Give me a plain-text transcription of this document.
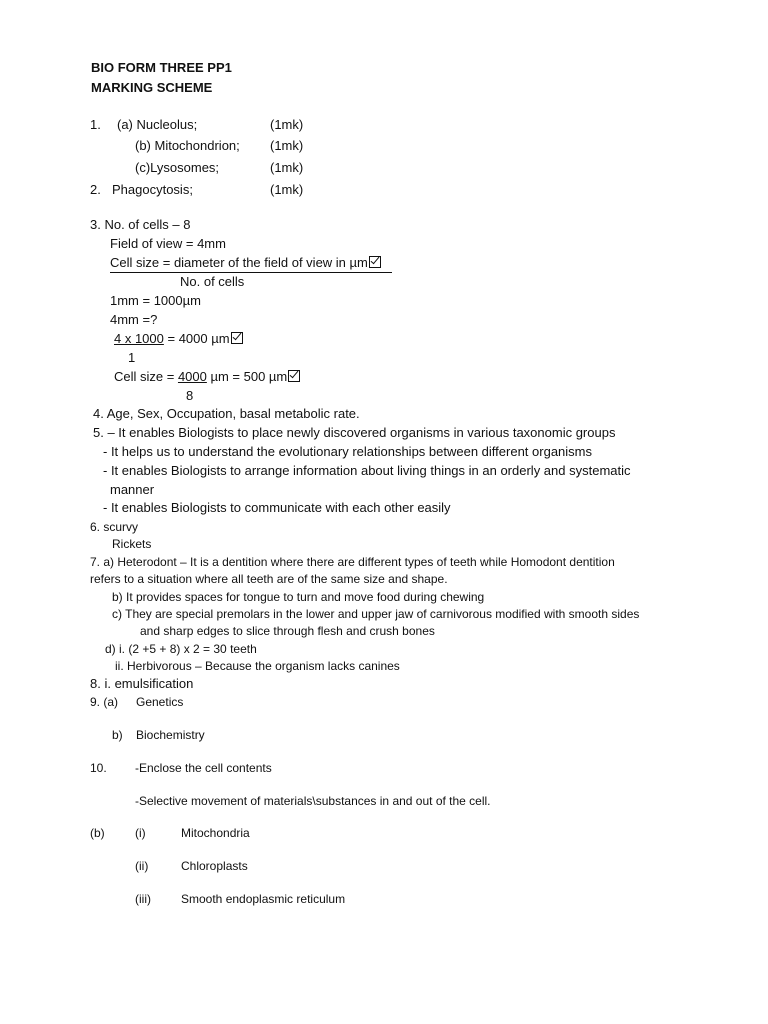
BIO FORM THREE PP1
MARKING SCHEME
1. (a) Nucleolus;	(1mk)
(b) Mitochondrion; (1mk)
(c)Lysosomes;	(1mk)
2. Phagocytosis;	(1mk)
3. No. of cells – 8
Field of view = 4mm
Cell size = diameter of the field of view in µm
No. of cells
1mm = 1000µm
4mm =?
4 x 1000 = 4000 µm
1
Cell size = 4000 µm = 500 µm
8
4. Age, Sex, Occupation, basal metabolic rate.
5. – It enables Biologists to place newly discovered organisms in various taxonomic groups
- It helps us to understand the evolutionary relationships between different organisms
- It enables Biologists to arrange information about living things in an orderly and systematic
manner
- It enables Biologists to communicate with each other easily
6. scurvy
Rickets
7. a) Heterodont – It is a dentition where there are different types of teeth while Homodont dentition
refers to a situation where all teeth are of the same size and shape.
b) It provides spaces for tongue to turn and move food during chewing
c) They are special premolars in the lower and upper jaw of carnivorous modified with smooth sides
and sharp edges to slice through flesh and crush bones
d) i. (2 +5 + 8) x 2 = 30 teeth
ii. Herbivorous – Because the organism lacks canines
8. i. emulsification
9. (a) Genetics
b) Biochemistry
10. -Enclose the cell contents
-Selective movement of materials\substances in and out of the cell.
(b)	(i)	Mitochondria
(ii)	Chloroplasts
(iii)	Smooth endoplasmic reticulum
